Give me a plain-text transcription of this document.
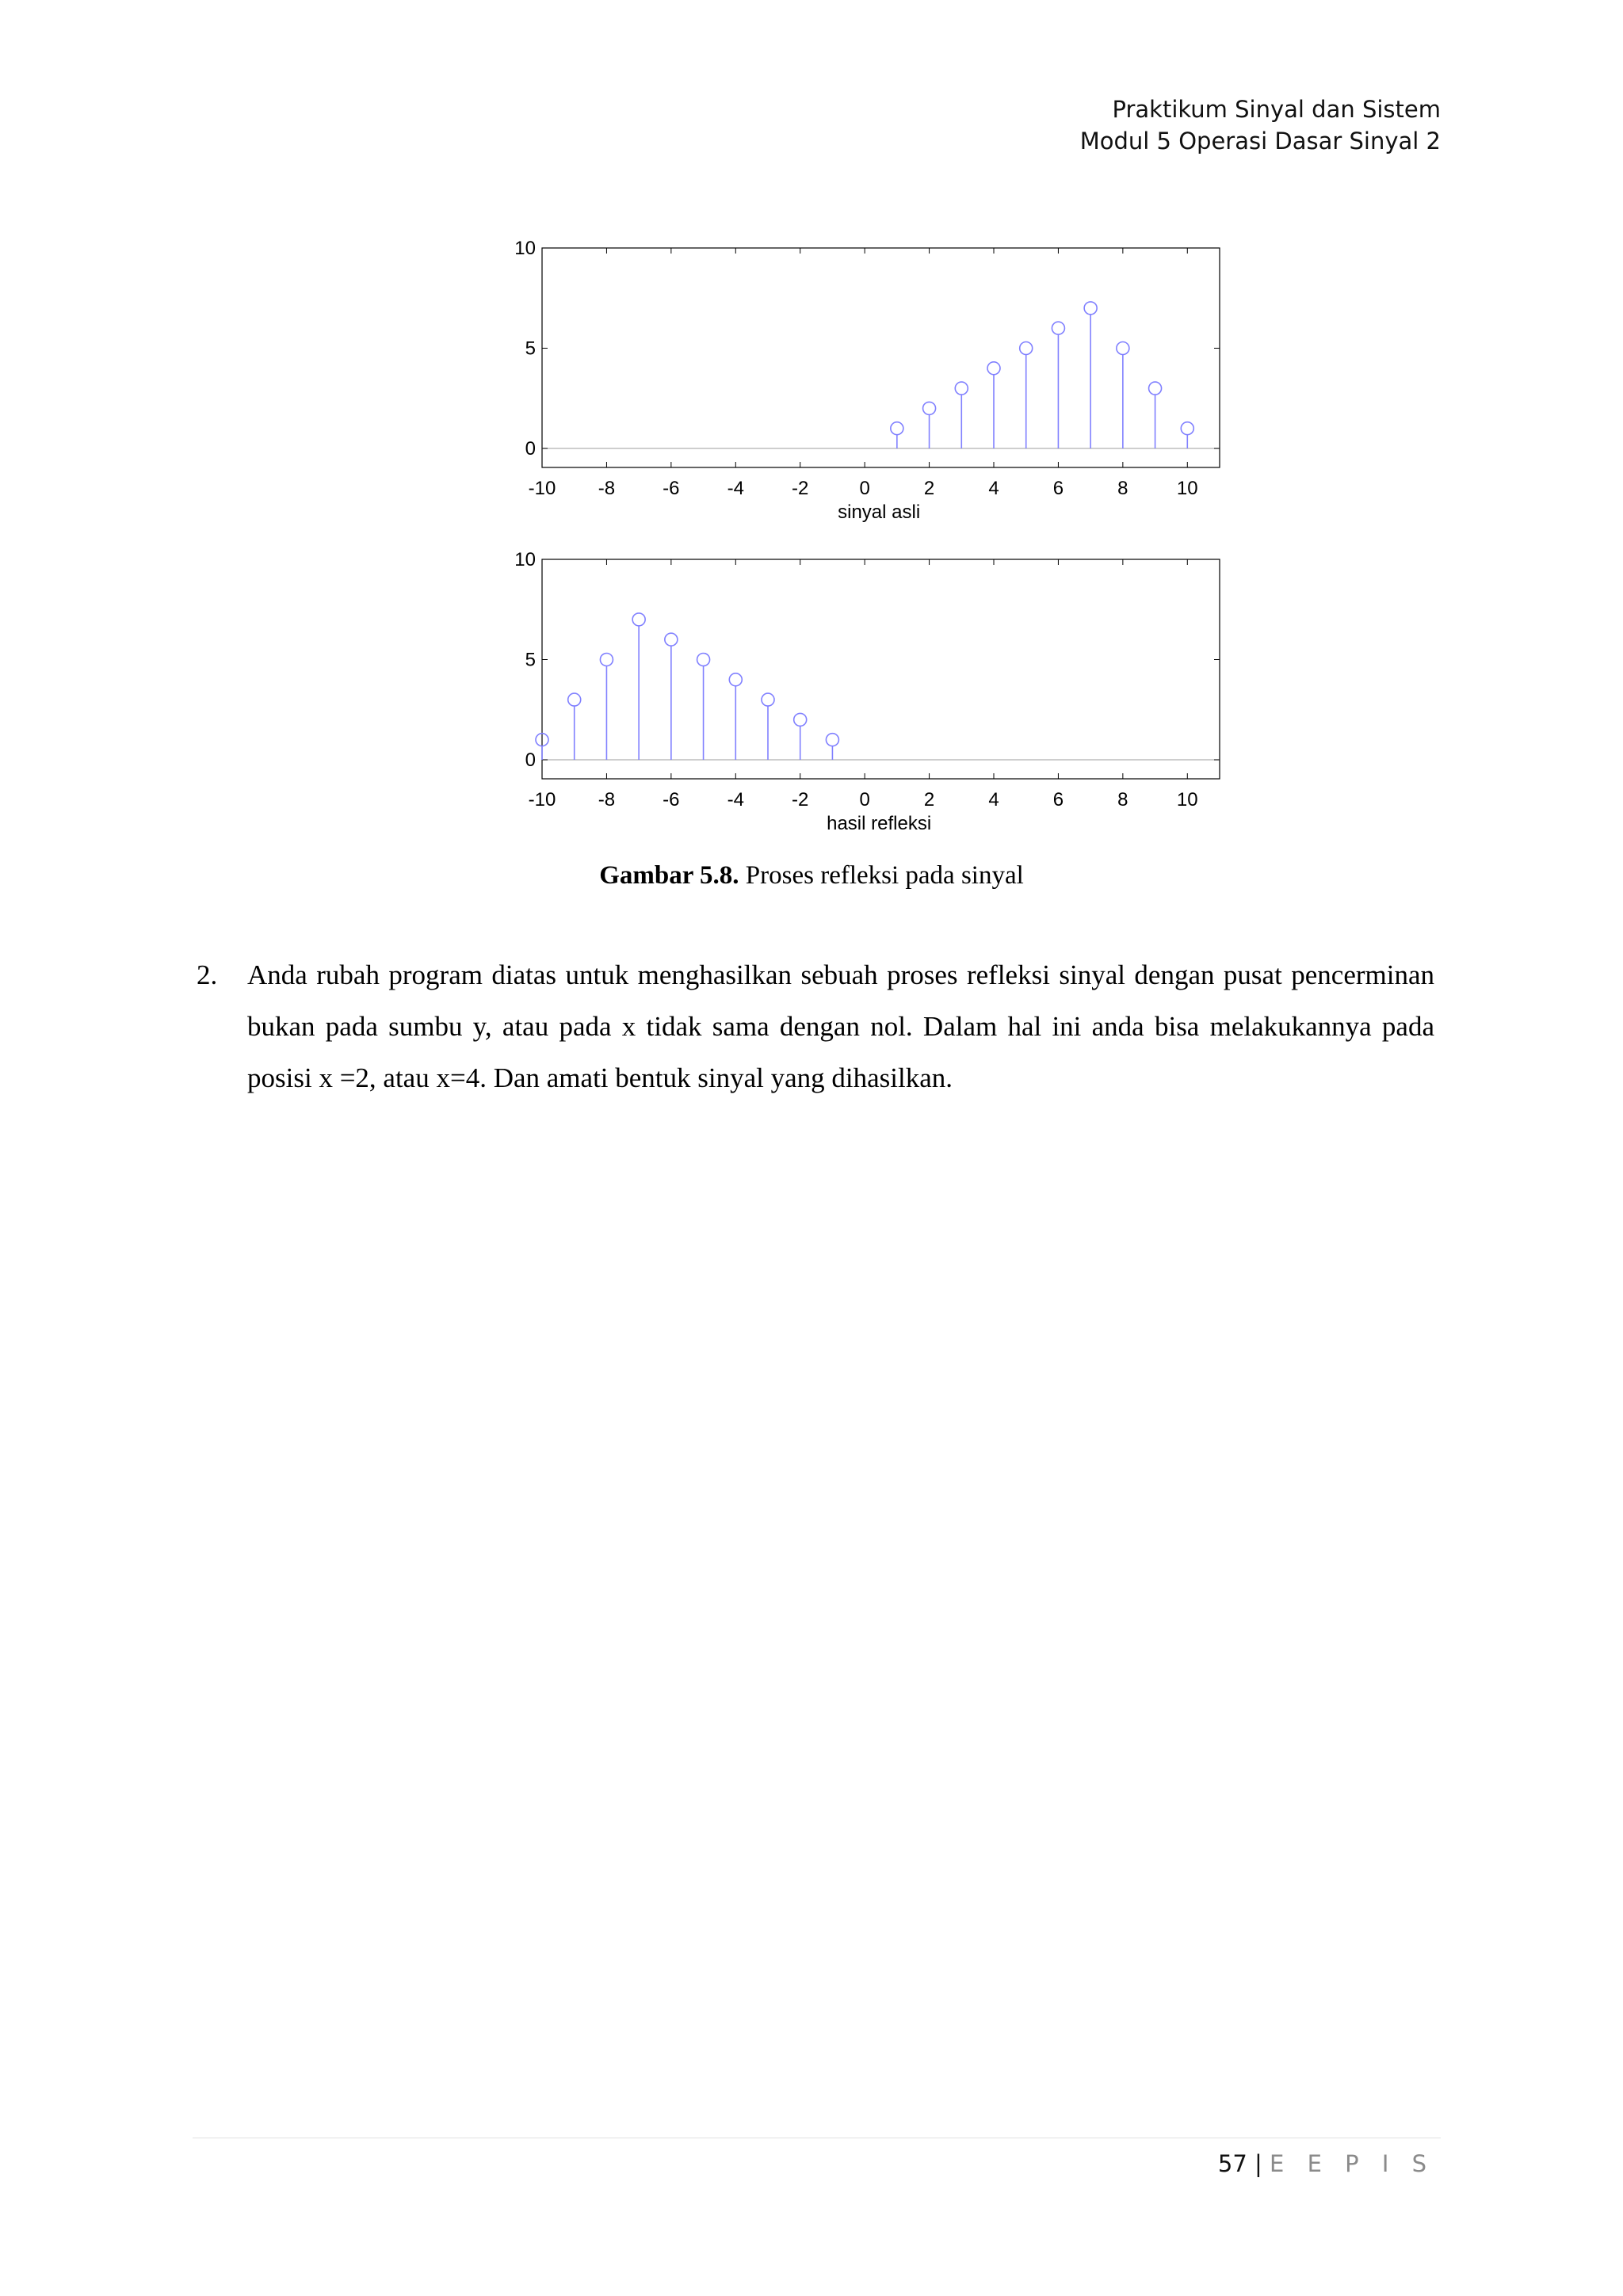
Praktikum Sinyal dan Sistem
Modul 5 Operasi Dasar Sinyal 2
-10 -8	-6	-4	-2	0	2	4	6	8	10
0
5
10
sinyal asli
-10 -8	-6	-4	-2	0	2	4	6	8	10
0
5
10
hasil refleksi
Gambar 5.8. Proses refleksi pada sinyal
2. Anda rubah program diatas untuk menghasilkan sebuah proses refleksi sinyal dengan pusat pencerminan bukan pada sumbu y, atau pada x tidak sama dengan nol. Dalam hal ini anda bisa melakukannya pada posisi x =2, atau x=4. Dan amati bentuk sinyal yang dihasilkan.
57 | E E P I S
